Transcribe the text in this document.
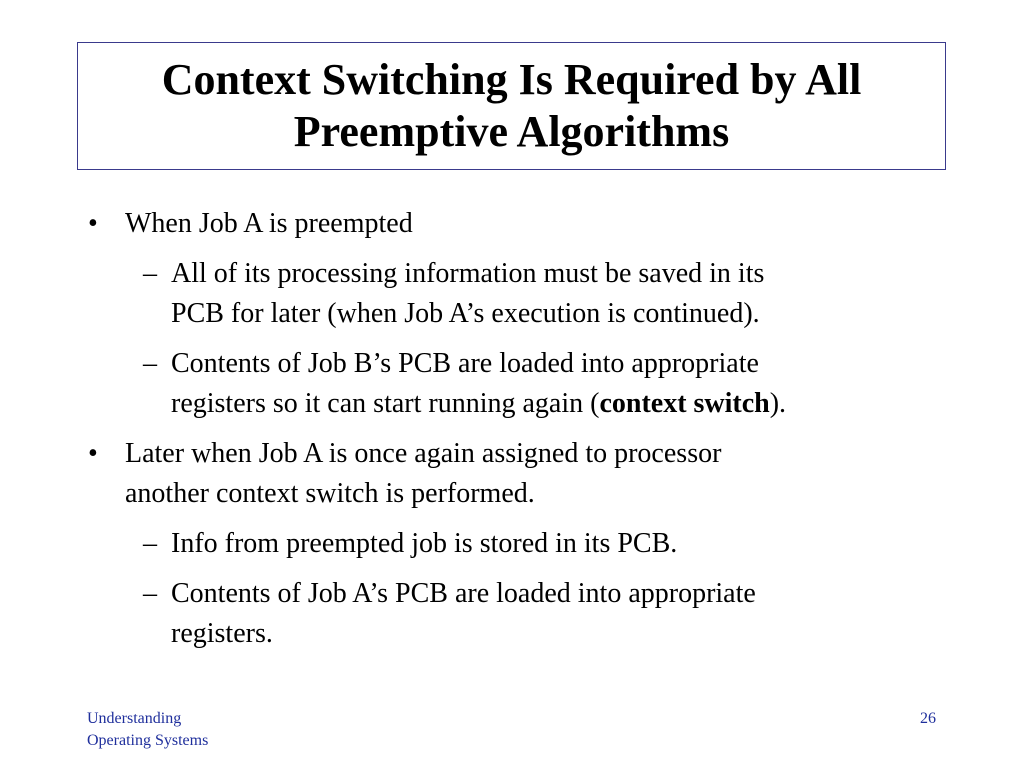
Context Switching Is Required by All
Preemptive Algorithms
• When Job A is preempted
– All of its processing information must be saved in its
PCB for later (when Job A’s execution is continued).
– Contents of Job B’s PCB are loaded into appropriate
registers so it can start running again (context switch).
• Later when Job A is once again assigned to processor
another context switch is performed.
– Info from preempted job is stored in its PCB.
– Contents of Job A’s PCB are loaded into appropriate
registers.
Understanding
Operating Systems
26
